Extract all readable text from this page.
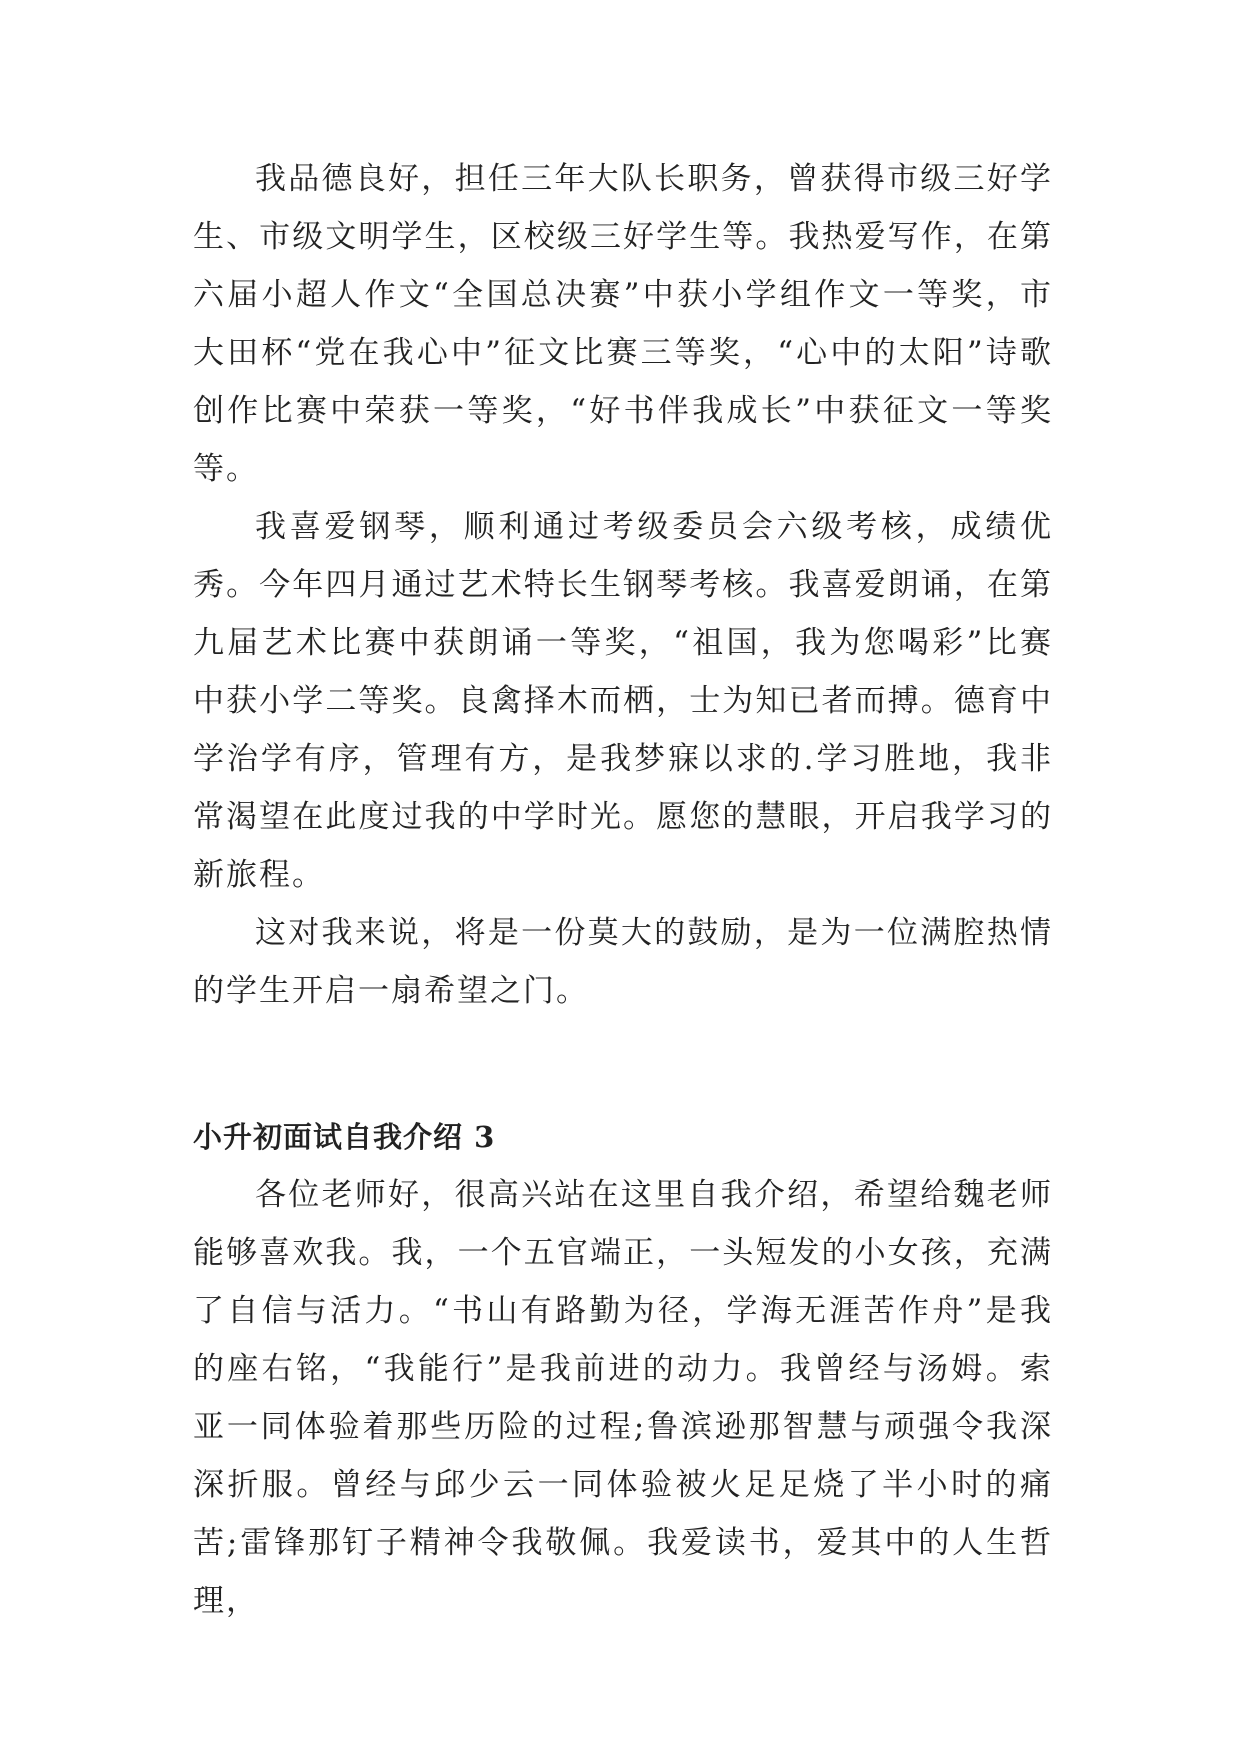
我品德良好，担任三年大队长职务，曾获得市级三好学生、市级文明学生，区校级三好学生等。我热爱写作，在第六届小超人作文“全国总决赛”中获小学组作文一等奖，市大田杯“党在我心中”征文比赛三等奖，“心中的太阳”诗歌创作比赛中荣获一等奖，“好书伴我成长”中获征文一等奖等。

我喜爱钢琴，顺利通过考级委员会六级考核，成绩优秀。今年四月通过艺术特长生钢琴考核。我喜爱朗诵，在第九届艺术比赛中获朗诵一等奖，“祖国，我为您喝彩”比赛中获小学二等奖。良禽择木而栖，士为知已者而搏。德育中学治学有序，管理有方，是我梦寐以求的.学习胜地，我非常渴望在此度过我的中学时光。愿您的慧眼，开启我学习的新旅程。

这对我来说，将是一份莫大的鼓励，是为一位满腔热情的学生开启一扇希望之门。

小升初面试自我介绍 3

各位老师好，很高兴站在这里自我介绍，希望给魏老师能够喜欢我。我，一个五官端正，一头短发的小女孩，充满了自信与活力。“书山有路勤为径，学海无涯苦作舟”是我的座右铭，“我能行”是我前进的动力。我曾经与汤姆。索亚一同体验着那些历险的过程;鲁滨逊那智慧与顽强令我深深折服。曾经与邱少云一同体验被火足足烧了半小时的痛苦;雷锋那钉子精神令我敬佩。我爱读书，爱其中的人生哲理，
